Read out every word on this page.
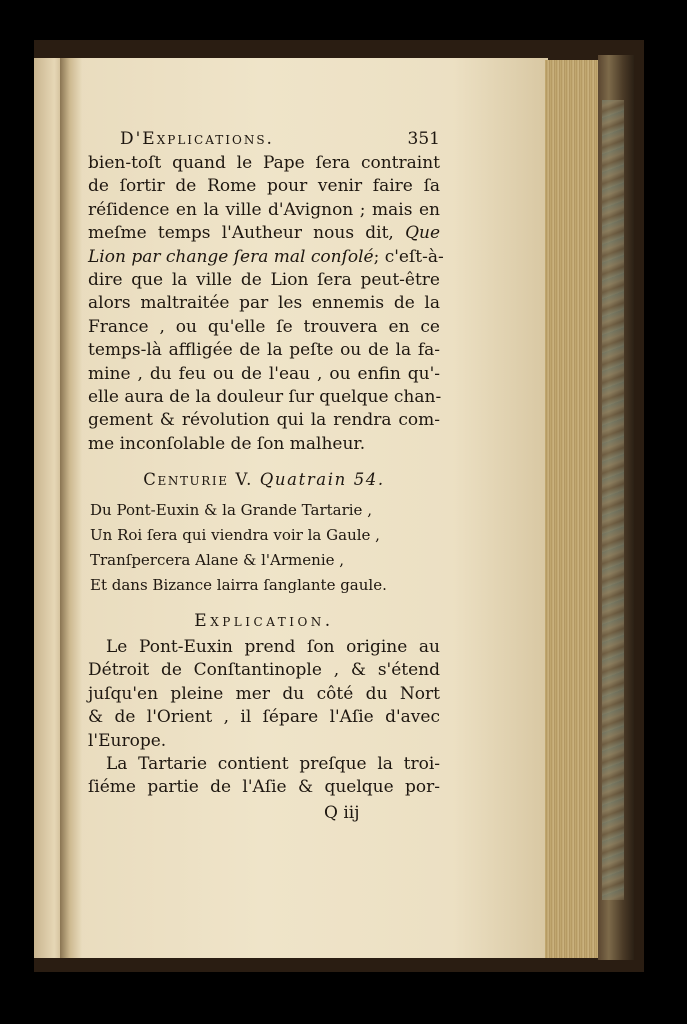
D'Explications.	351
bien-toſt quand le Pape ſera contraint
de ſortir de Rome pour venir faire ſa
réſidence en la ville d'Avignon ; mais en
meſme temps l'Autheur nous dit, Que
Lion par change ſera mal conſolé; c'eſt-à-
dire que la ville de Lion ſera peut-être
alors maltraitée par les ennemis de la
France , ou qu'elle ſe trouvera en ce
temps-là affligée de la peſte ou de la fa-
mine , du feu ou de l'eau , ou enfin qu'-
elle aura de la douleur ſur quelque chan-
gement & révolution qui la rendra com-
me inconſolable de ſon malheur.
Centurie V. Quatrain 54.
Du Pont-Euxin & la Grande Tartarie ,
Un Roi ſera qui viendra voir la Gaule ,
Tranſpercera Alane & l'Armenie ,
Et dans Bizance lairra ſanglante gaule.
Explication.
Le Pont-Euxin prend ſon origine au
Détroit de Conſtantinople , & s'étend
juſqu'en pleine mer du côté du Nort
& de l'Orient , il ſépare l'Aſie d'avec
l'Europe.
La Tartarie contient preſque la troi-
ſiéme partie de l'Aſie & quelque por-
Q iij
